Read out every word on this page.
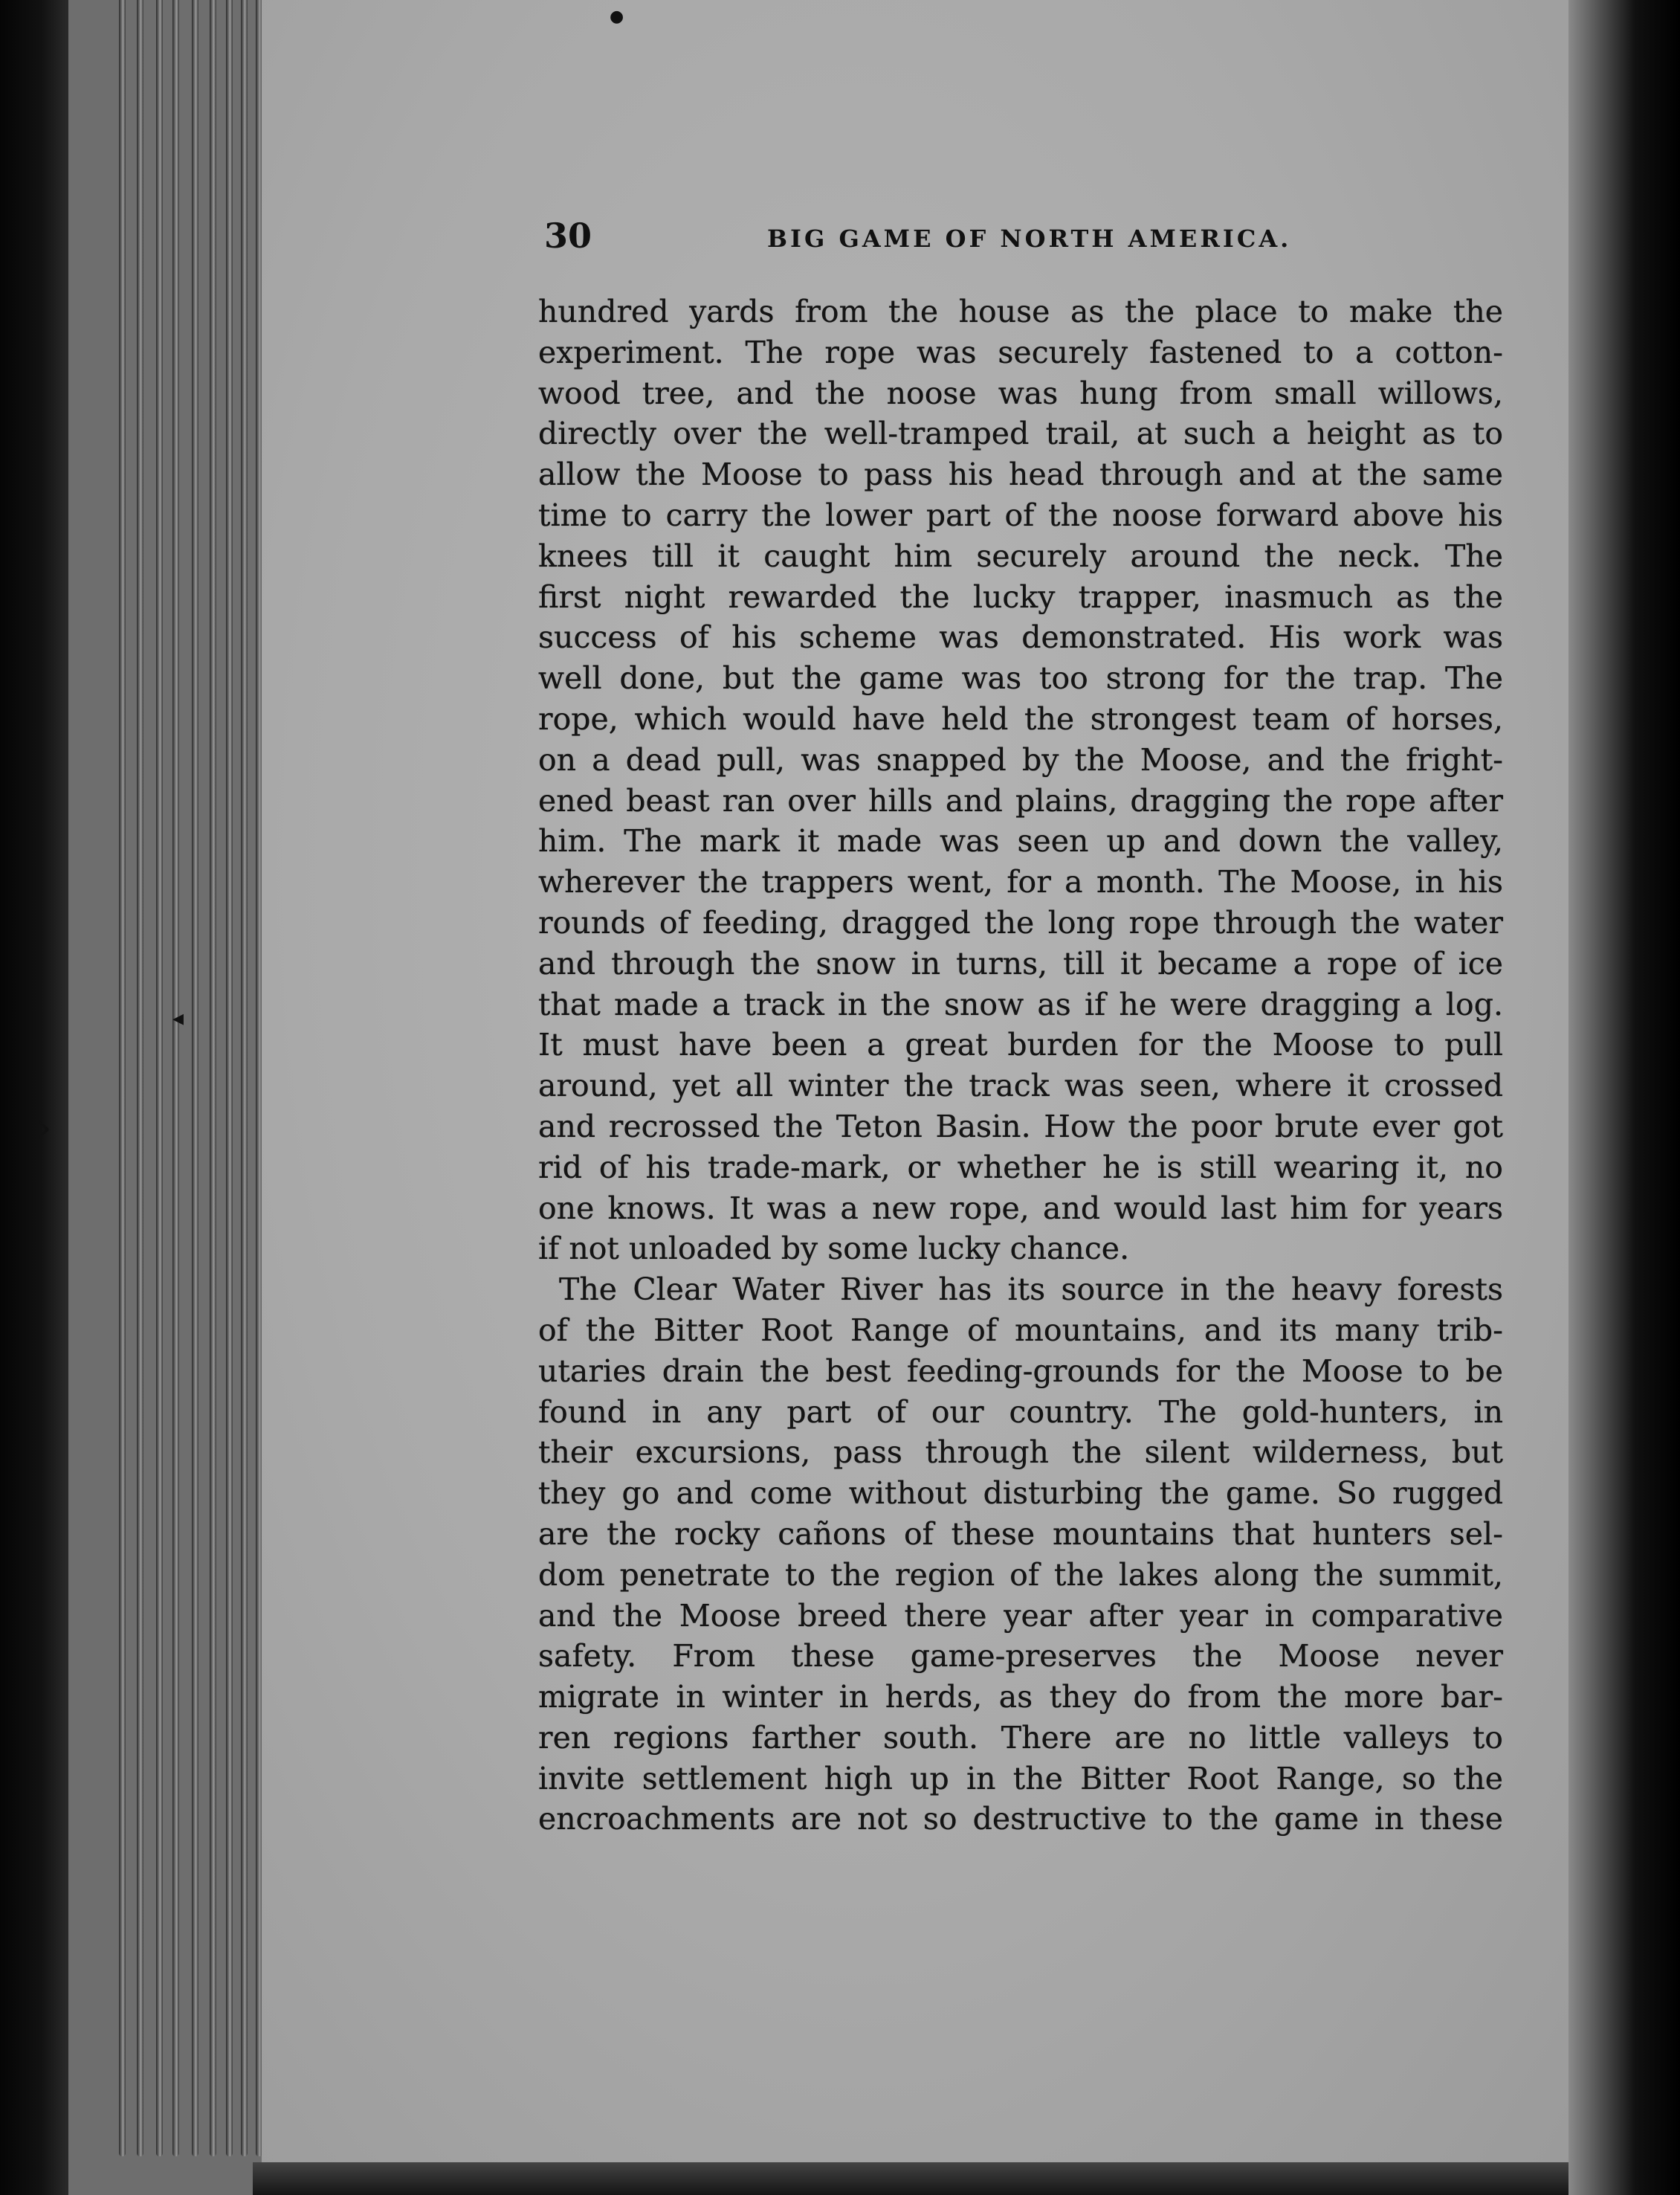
›
◂
●
30	BIG GAME OF NORTH AMERICA.
hundred yards from the house as the place to make the
experiment. The rope was securely fastened to a cotton-
wood tree, and the noose was hung from small willows,
directly over the well-tramped trail, at such a height as to
allow the Moose to pass his head through and at the same
time to carry the lower part of the noose forward above his
knees till it caught him securely around the neck. The
first night rewarded the lucky trapper, inasmuch as the
success of his scheme was demonstrated. His work was
well done, but the game was too strong for the trap. The
rope, which would have held the strongest team of horses,
on a dead pull, was snapped by the Moose, and the fright-
ened beast ran over hills and plains, dragging the rope after
him. The mark it made was seen up and down the valley,
wherever the trappers went, for a month. The Moose, in his
rounds of feeding, dragged the long rope through the water
and through the snow in turns, till it became a rope of ice
that made a track in the snow as if he were dragging a log.
It must have been a great burden for the Moose to pull
around, yet all winter the track was seen, where it crossed
and recrossed the Teton Basin. How the poor brute ever got
rid of his trade-mark, or whether he is still wearing it, no
one knows. It was a new rope, and would last him for years
if not unloaded by some lucky chance.
The Clear Water River has its source in the heavy forests
of the Bitter Root Range of mountains, and its many trib-
utaries drain the best feeding-grounds for the Moose to be
found in any part of our country. The gold-hunters, in
their excursions, pass through the silent wilderness, but
they go and come without disturbing the game. So rugged
are the rocky cañons of these mountains that hunters sel-
dom penetrate to the region of the lakes along the summit,
and the Moose breed there year after year in comparative
safety. From these game-preserves the Moose never
migrate in winter in herds, as they do from the more bar-
ren regions farther south. There are no little valleys to
invite settlement high up in the Bitter Root Range, so the
encroachments are not so destructive to the game in these
